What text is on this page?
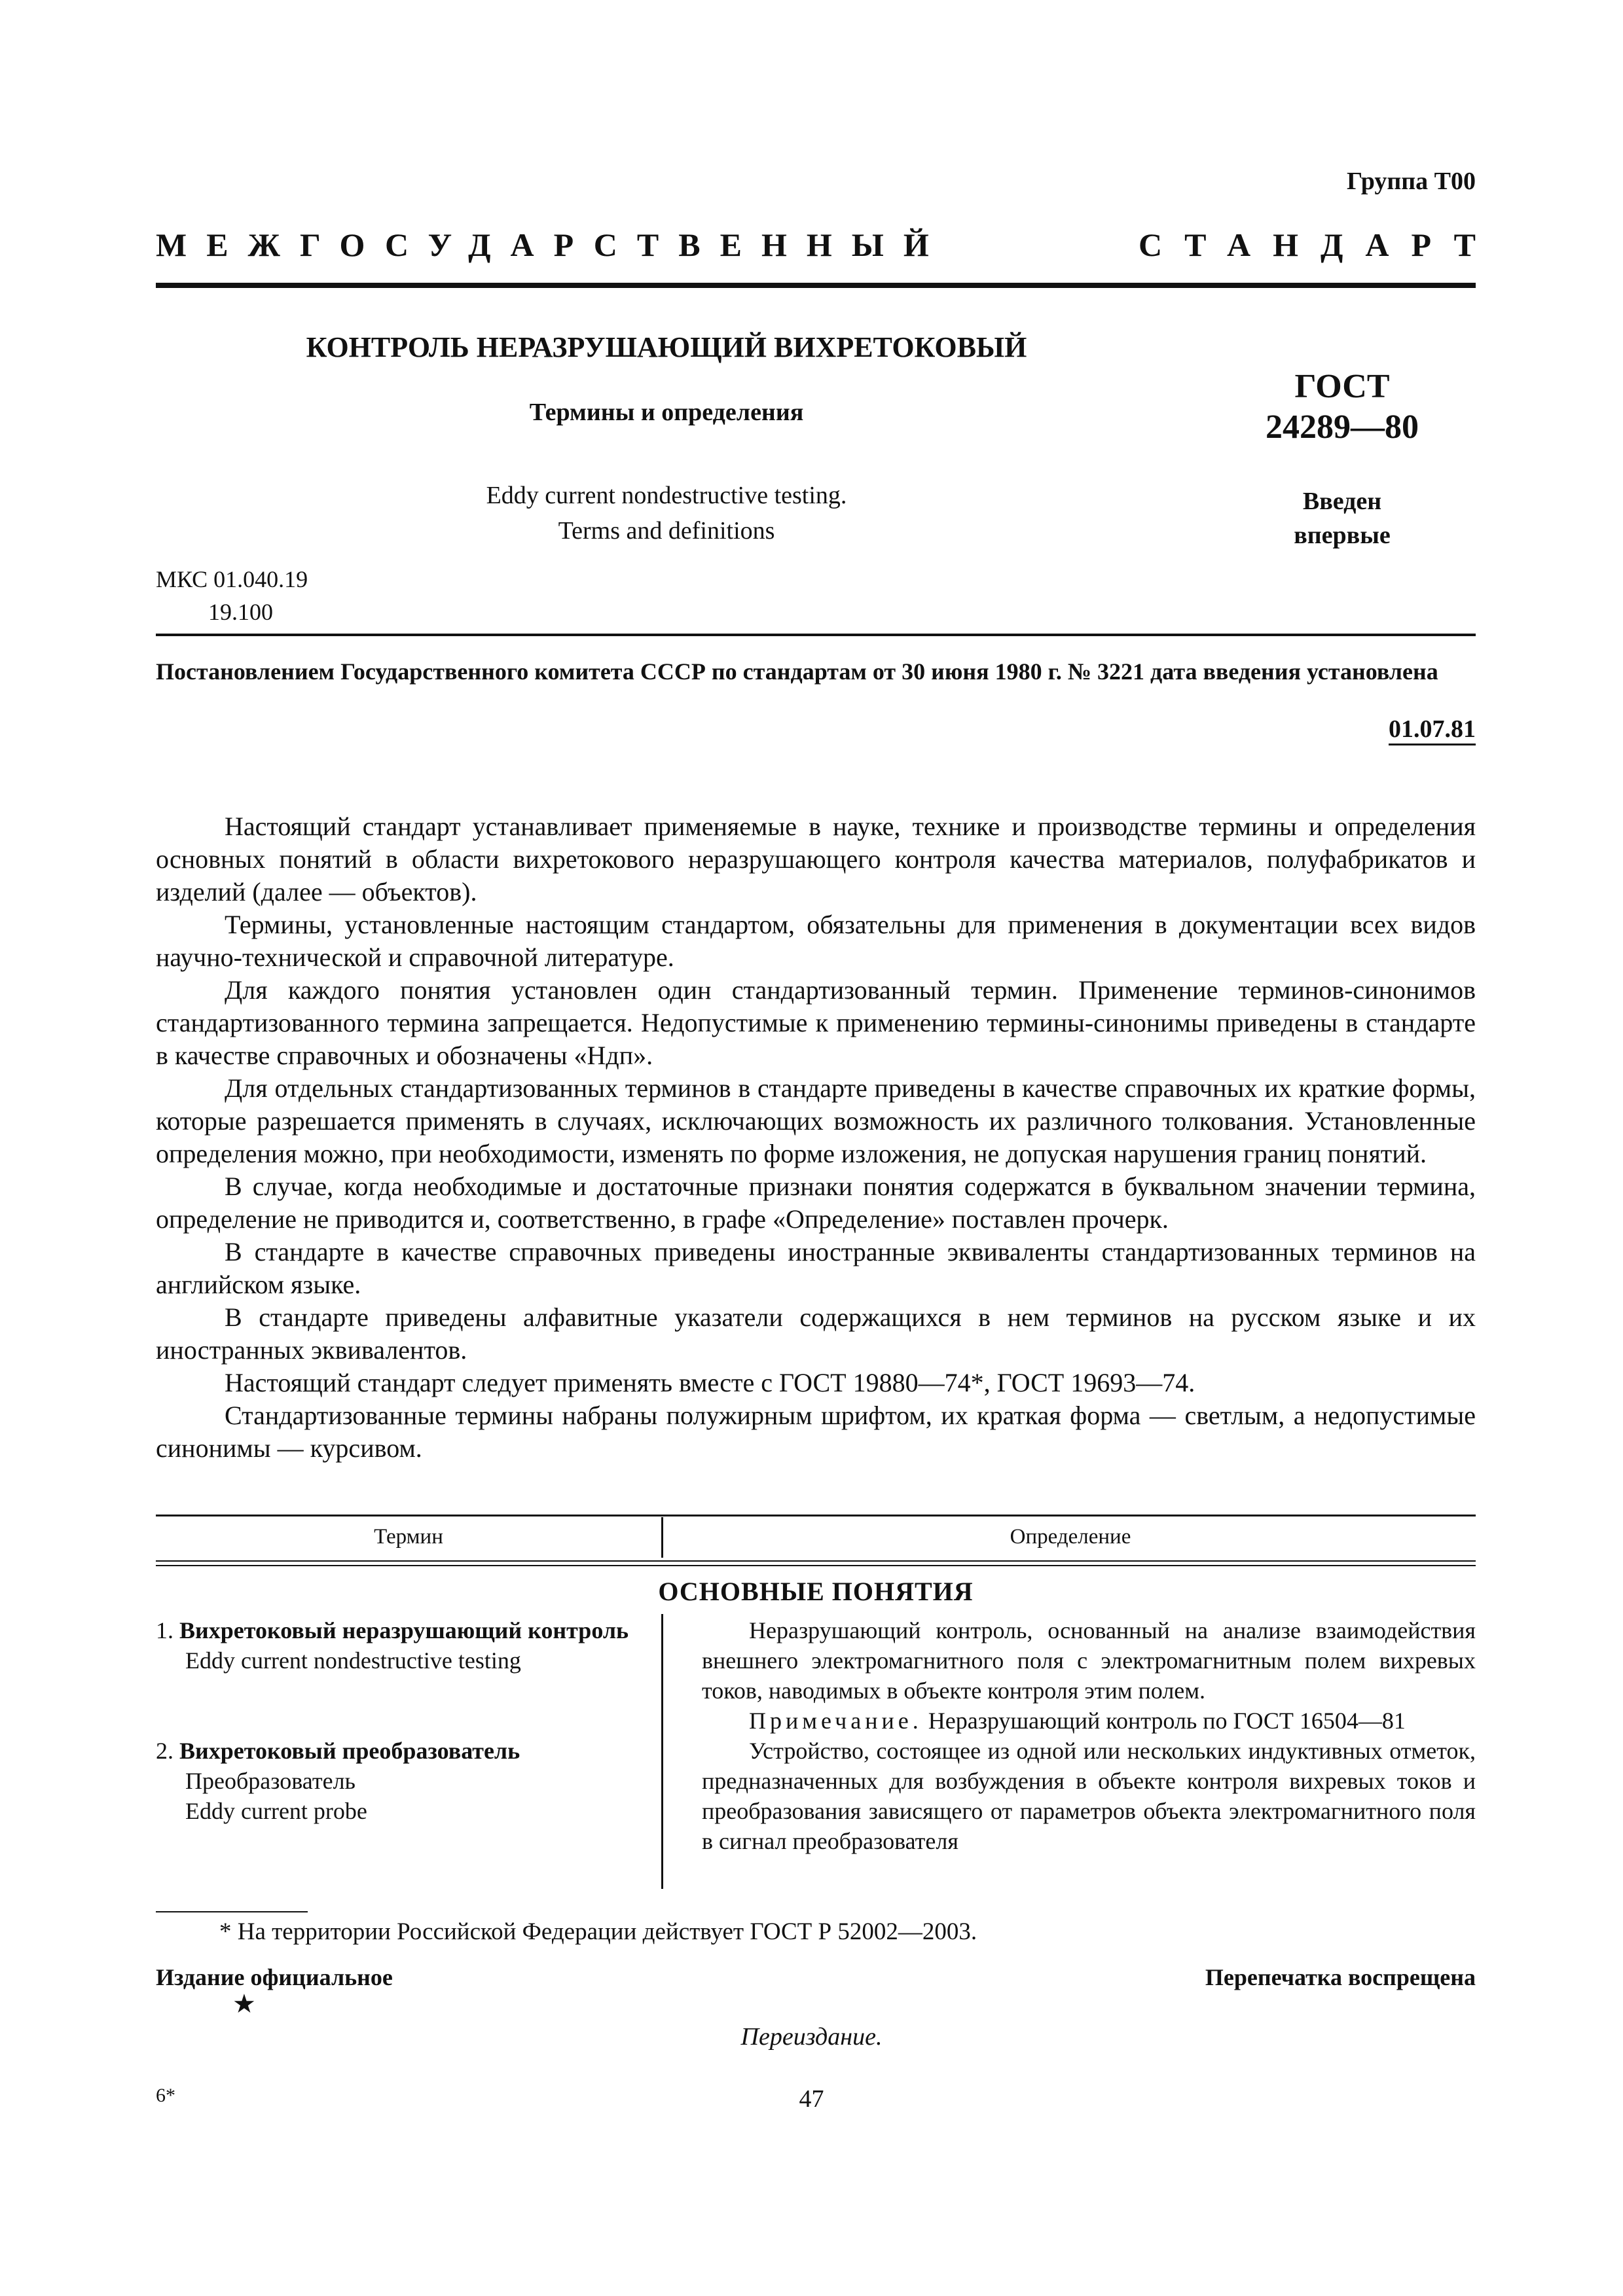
Группа Т00
МЕЖГОСУДАРСТВЕННЫЙ	СТАНДАРТ
КОНТРОЛЬ НЕРАЗРУШАЮЩИЙ ВИХРЕТОКОВЫЙ
Термины и определения
Eddy current nondestructive testing.
Terms and definitions
ГОСТ
24289—80
Введен
впервые
МКС 01.040.19
19.100
Постановлением Государственного комитета СССР по стандартам от 30 июня 1980 г. № 3221 дата введения установлена
01.07.81

Настоящий стандарт устанавливает применяемые в науке, технике и производстве термины и определения основных понятий в области вихретокового неразрушающего контроля качества материалов, полуфабрикатов и изделий (далее — объектов).

Термины, установленные настоящим стандартом, обязательны для применения в документации всех видов научно-технической и справочной литературе.

Для каждого понятия установлен один стандартизованный термин. Применение терминов-синонимов стандартизованного термина запрещается. Недопустимые к применению термины-синонимы приведены в стандарте в качестве справочных и обозначены «Ндп».

Для отдельных стандартизованных терминов в стандарте приведены в качестве справочных их краткие формы, которые разрешается применять в случаях, исключающих возможность их различного толкования. Установленные определения можно, при необходимости, изменять по форме изложения, не допуская нарушения границ понятий.

В случае, когда необходимые и достаточные признаки понятия содержатся в буквальном значении термина, определение не приводится и, соответственно, в графе «Определение» поставлен прочерк.

В стандарте в качестве справочных приведены иностранные эквиваленты стандартизованных терминов на английском языке.

В стандарте приведены алфавитные указатели содержащихся в нем терминов на русском языке и их иностранных эквивалентов.

Настоящий стандарт следует применять вместе с ГОСТ 19880—74*, ГОСТ 19693—74.

Стандартизованные термины набраны полужирным шрифтом, их краткая форма — светлым, а недопустимые синонимы — курсивом.

Термин	Определение
ОСНОВНЫЕ ПОНЯТИЯ
1. Вихретоковый неразрушающий контроль
Eddy current nondestructive testing

Неразрушающий контроль, основанный на анализе взаимодействия внешнего электромагнитного поля с электромагнитным полем вихревых токов, наводимых в объекте контроля этим полем.

Примечание. Неразрушающий контроль по ГОСТ 16504—81

2. Вихретоковый преобразователь
Преобразователь
Eddy current probe

Устройство, состоящее из одной или нескольких индуктивных отметок, предназначенных для возбуждения в объекте контроля вихревых токов и преобразования зависящего от параметров объекта электромагнитного поля в сигнал преобразователя

* На территории Российской Федерации действует ГОСТ Р 52002—2003.
Издание официальное	Перепечатка воспрещена
★
Переиздание.
6*	47
